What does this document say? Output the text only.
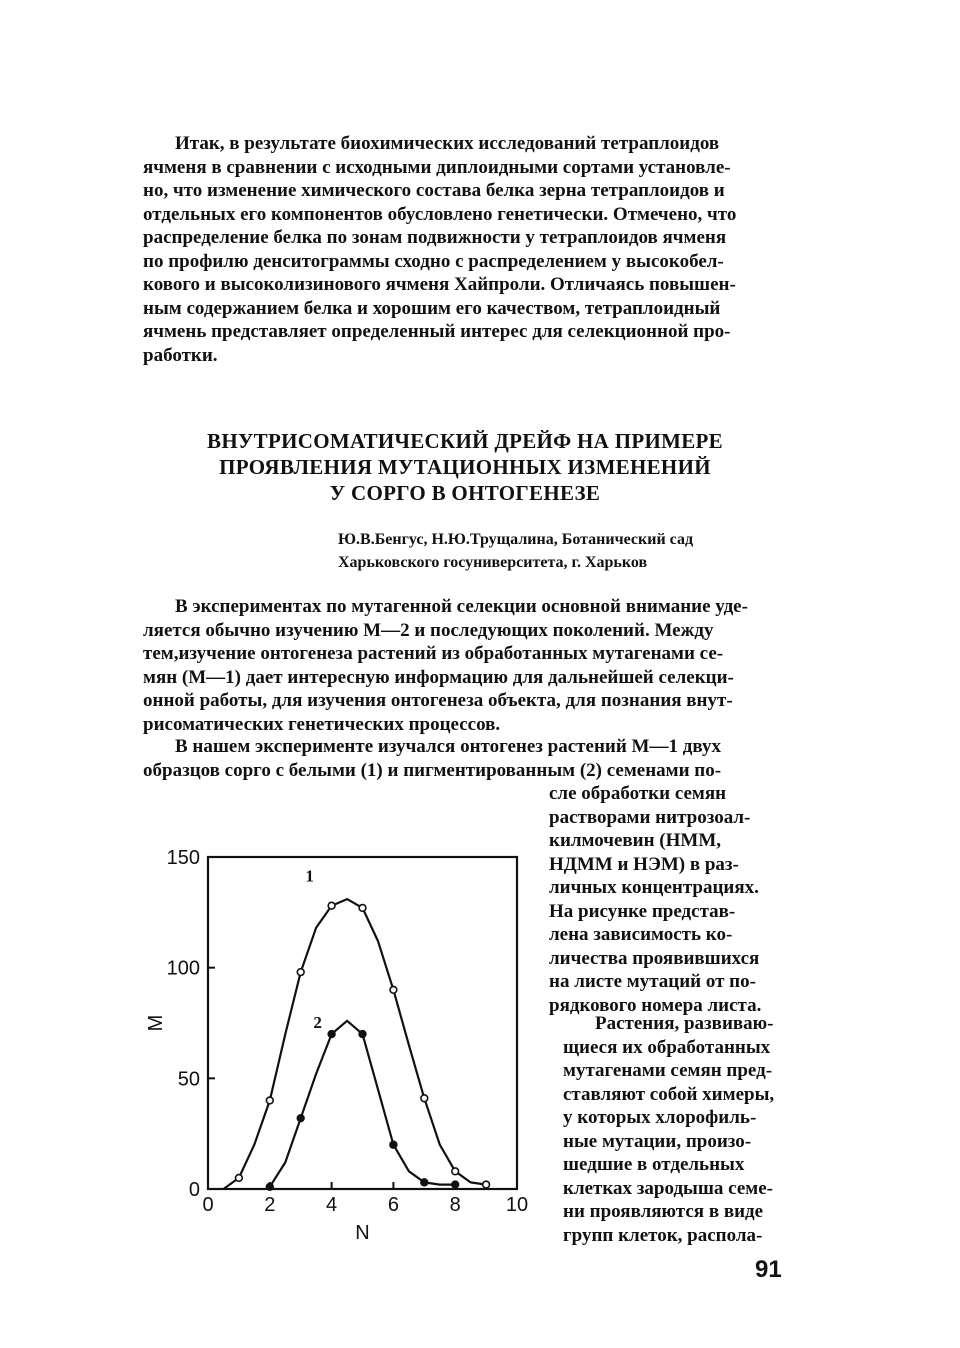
Итак, в результате биохимических исследований тетраплоидов
ячменя в сравнении с исходными диплоидными сортами установле-
но, что изменение химического состава белка зерна тетраплоидов и
отдельных его компонентов обусловлено генетически. Отмечено, что
распределение белка по зонам подвижности у тетраплоидов ячменя
по профилю денситограммы сходно с распределением у высокобел-
кового и высоколизинового ячменя Хайпроли. Отличаясь повышен-
ным содержанием белка и хорошим его качеством, тетраплоидный
ячмень представляет определенный интерес для селекционной про-
работки.
ВНУТРИСОМАТИЧЕСКИЙ ДРЕЙФ НА ПРИМЕРЕ
ПРОЯВЛЕНИЯ МУТАЦИОННЫХ ИЗМЕНЕНИЙ
У СОРГО В ОНТОГЕНЕЗЕ
Ю.В.Бенгус, Н.Ю.Трущалина, Ботанический сад
Харьковского госуниверситета, г. Харьков
В экспериментах по мутагенной селекции основной внимание уде-
ляется обычно изучению М—2 и последующих поколений. Между
тем,изучение онтогенеза растений из обработанных мутагенами се-
мян (М—1) дает интересную информацию для дальнейшей селекци-
онной работы, для изучения онтогенеза объекта, для познания внут-
рисоматических генетических процессов.
В нашем эксперименте изучался онтогенез растений М—1 двух
образцов сорго с белыми (1) и пигментированным (2) семенами по-
сле обработки семян
растворами нитрозоал-
килмочевин (НММ,
НДММ и НЭМ) в раз-
личных концентрациях.
На рисунке представ-
лена зависимость ко-
личества проявившихся
на листе мутаций от по-
рядкового номера листа.
Растения, развиваю-
щиеся их обработанных
мутагенами семян пред-
ставляют собой химеры,
у которых хлорофиль-
ные мутации, произо-
шедшие в отдельных
клетках зародыша семе-
ни проявляются в виде
групп клеток, распола-
0	2	4	6	8 10
0
50
100
150
N
М
1
2
91
